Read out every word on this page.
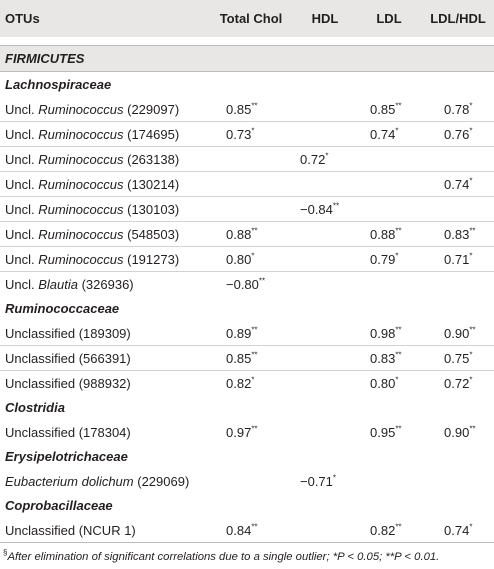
OTUs	Total Chol	HDL	LDL	LDL/HDL

FIRMICUTES				
Lachnospiraceae				
Uncl. Ruminococcus (229097)	0.85**		0.85**	0.78*
Uncl. Ruminococcus (174695)	0.73*		0.74*	0.76*
Uncl. Ruminococcus (263138)		0.72*		
Uncl. Ruminococcus (130214)				0.74*
Uncl. Ruminococcus (130103)		−0.84**		
Uncl. Ruminococcus (548503)	0.88**		0.88**	0.83**
Uncl. Ruminococcus (191273)	0.80*		0.79*	0.71*
Uncl. Blautia (326936)	−0.80**			
Ruminococcaceae				
Unclassified (189309)	0.89**		0.98**	0.90**
Unclassified (566391)	0.85**		0.83**	0.75*
Unclassified (988932)	0.82*		0.80*	0.72*
Clostridia				
Unclassified (178304)	0.97**		0.95**	0.90**
Erysipelotrichaceae				
Eubacterium dolichum (229069)		−0.71*		
Coprobacillaceae				
Unclassified (NCUR 1)	0.84**		0.82**	0.74*
§After elimination of significant correlations due to a single outlier; *P < 0.05; **P < 0.01.				
